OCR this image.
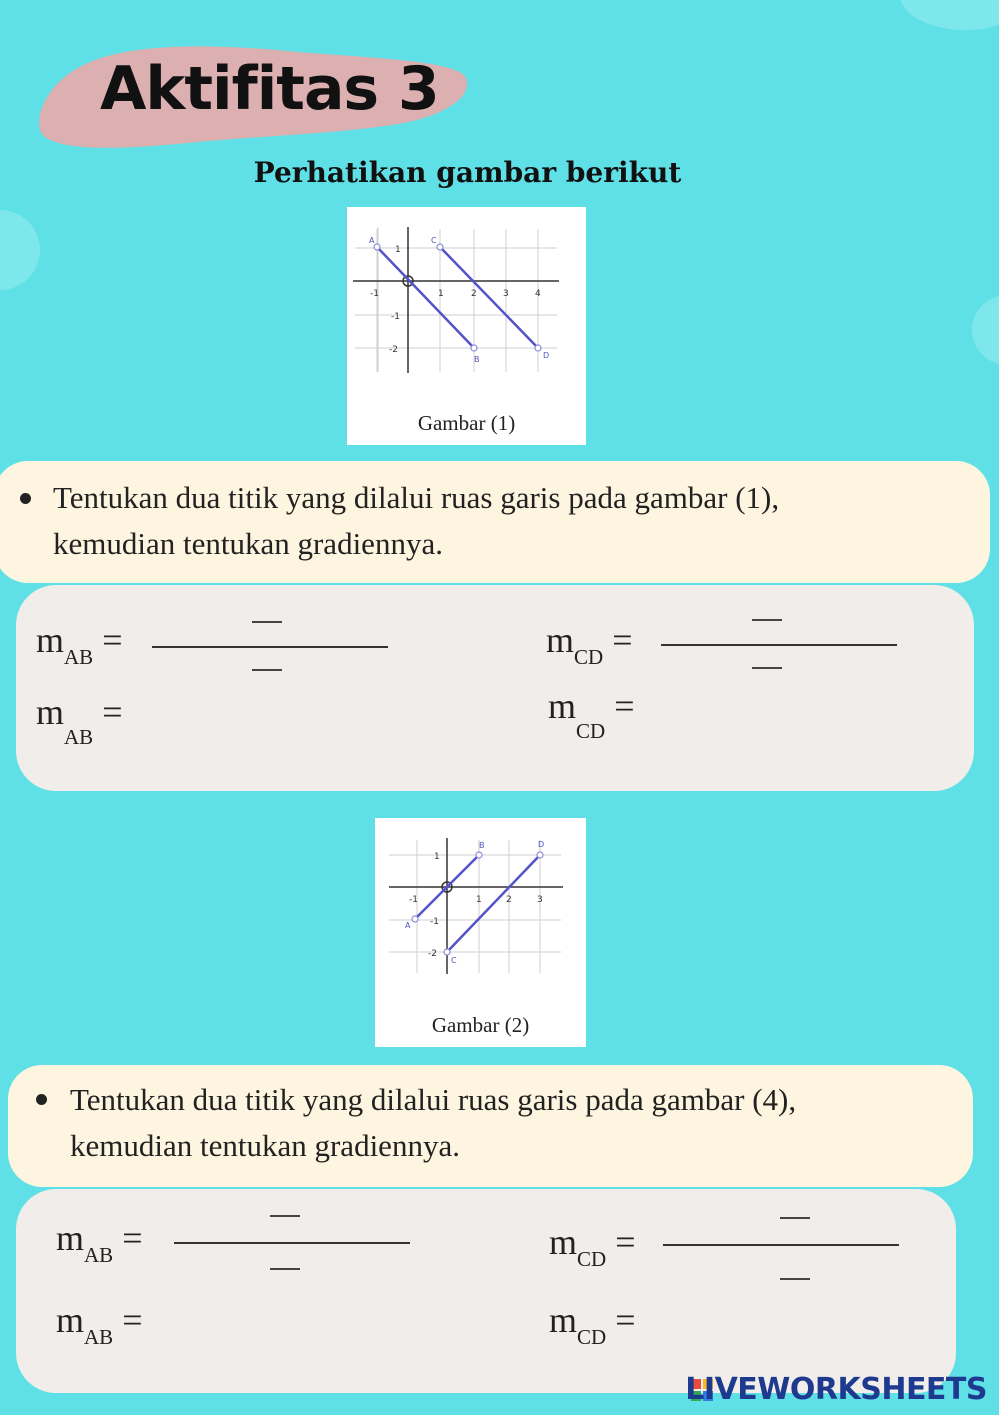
Aktifitas 3
Perhatikan gambar berikut
-1	1	2	3	4
1
-1
-2
A	C
B	D
Gambar (1)
Tentukan dua titik yang dilalui ruas garis pada gambar (1),
kemudian tentukan gradiennya.
$m_{AB}$ =	$m_{CD}$ =
$m_{AB}$ =	$m_{CD}$ =
-1	1	2	3
1
-1
-2
A
B
C
D
Gambar (2)
Tentukan dua titik yang dilalui ruas garis pada gambar (4),
kemudian tentukan gradiennya.
$m_{AB}$ =	$m_{CD}$ =
$m_{AB}$ =	$m_{CD}$ =
LIVEWORKSHEETS
